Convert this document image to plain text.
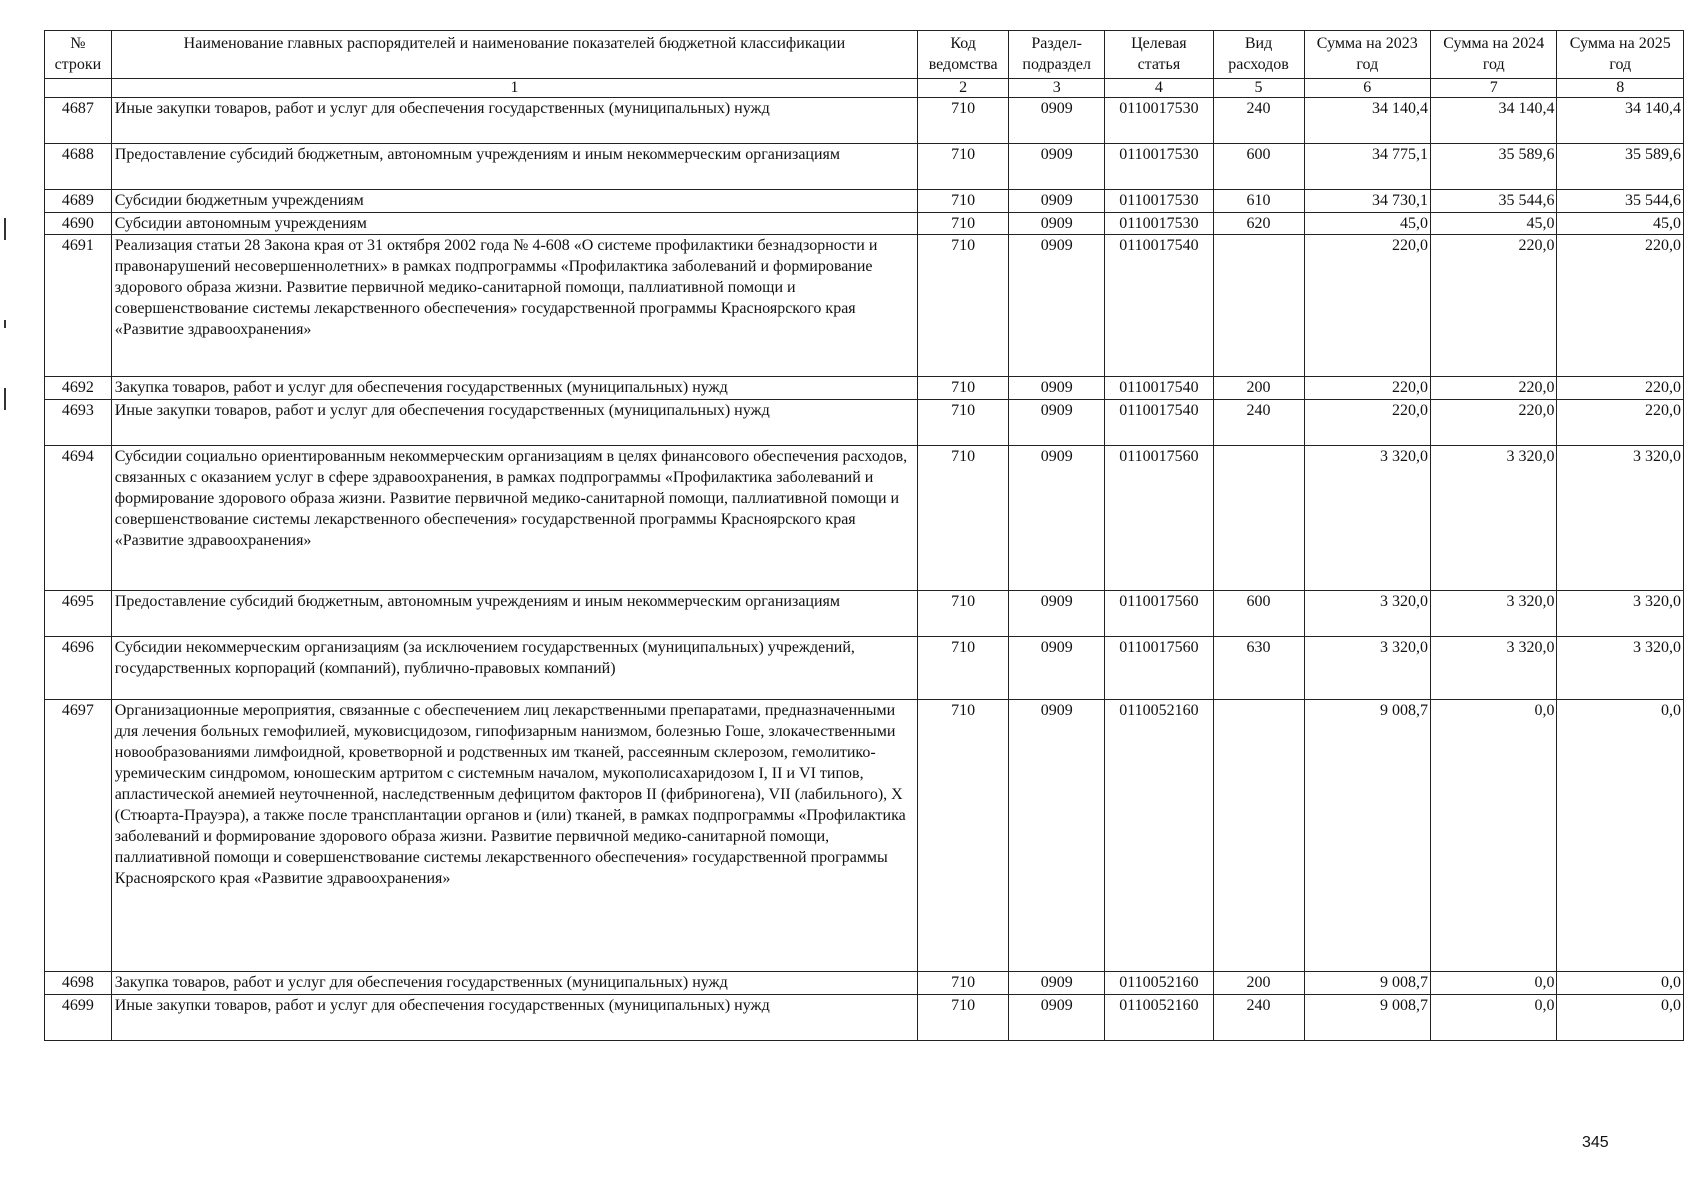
№ строки	Наименование главных распорядителей и наименование показателей бюджетной классификации	Код ведомства	Раздел-подраздел	Целевая статья	Вид расходов	Сумма на 2023 год	Сумма на 2024 год	Сумма на 2025 год
	1	2	3	4	5	6	7	8
4687	Иные закупки товаров, работ и услуг для обеспечения государственных (муниципальных) нужд	710	0909	0110017530	240	34 140,4	34 140,4	34 140,4
4688	Предоставление субсидий бюджетным, автономным учреждениям и иным некоммерческим организациям	710	0909	0110017530	600	34 775,1	35 589,6	35 589,6
4689	Субсидии бюджетным учреждениям	710	0909	0110017530	610	34 730,1	35 544,6	35 544,6
4690	Субсидии автономным учреждениям	710	0909	0110017530	620	45,0	45,0	45,0
4691	Реализация статьи 28 Закона края от 31 октября 2002 года № 4-608 «О системе профилактики безнадзорности и правонарушений несовершеннолетних» в рамках подпрограммы «Профилактика заболеваний и формирование здорового образа жизни. Развитие первичной медико-санитарной помощи, паллиативной помощи и совершенствование системы лекарственного обеспечения» государственной программы Красноярского края «Развитие здравоохранения»	710	0909	0110017540		220,0	220,0	220,0
4692	Закупка товаров, работ и услуг для обеспечения государственных (муниципальных) нужд	710	0909	0110017540	200	220,0	220,0	220,0
4693	Иные закупки товаров, работ и услуг для обеспечения государственных (муниципальных) нужд	710	0909	0110017540	240	220,0	220,0	220,0
4694	Субсидии социально ориентированным некоммерческим организациям в целях финансового обеспечения расходов, связанных с оказанием услуг в сфере здравоохранения, в рамках подпрограммы «Профилактика заболеваний и формирование здорового образа жизни. Развитие первичной медико-санитарной помощи, паллиативной помощи и совершенствование системы лекарственного обеспечения» государственной программы Красноярского края «Развитие здравоохранения»	710	0909	0110017560		3 320,0	3 320,0	3 320,0
4695	Предоставление субсидий бюджетным, автономным учреждениям и иным некоммерческим организациям	710	0909	0110017560	600	3 320,0	3 320,0	3 320,0
4696	Субсидии некоммерческим организациям (за исключением государственных (муниципальных) учреждений, государственных корпораций (компаний), публично-правовых компаний)	710	0909	0110017560	630	3 320,0	3 320,0	3 320,0
4697	Организационные мероприятия, связанные с обеспечением лиц лекарственными препаратами, предназначенными для лечения больных гемофилией, муковисцидозом, гипофизарным нанизмом, болезнью Гоше, злокачественными новообразованиями лимфоидной, кроветворной и родственных им тканей, рассеянным склерозом, гемолитико-уремическим синдромом, юношеским артритом с системным началом, мукополисахаридозом I, II и VI типов, апластической анемией неуточненной, наследственным дефицитом факторов II (фибриногена), VII (лабильного), X (Стюарта-Прауэра), а также после трансплантации органов и (или) тканей, в рамках подпрограммы «Профилактика заболеваний и формирование здорового образа жизни. Развитие первичной медико-санитарной помощи, паллиативной помощи и совершенствование системы лекарственного обеспечения» государственной программы Красноярского края «Развитие здравоохранения»	710	0909	0110052160		9 008,7	0,0	0,0
4698	Закупка товаров, работ и услуг для обеспечения государственных (муниципальных) нужд	710	0909	0110052160	200	9 008,7	0,0	0,0
4699	Иные закупки товаров, работ и услуг для обеспечения государственных (муниципальных) нужд	710	0909	0110052160	240	9 008,7	0,0	0,0
345
